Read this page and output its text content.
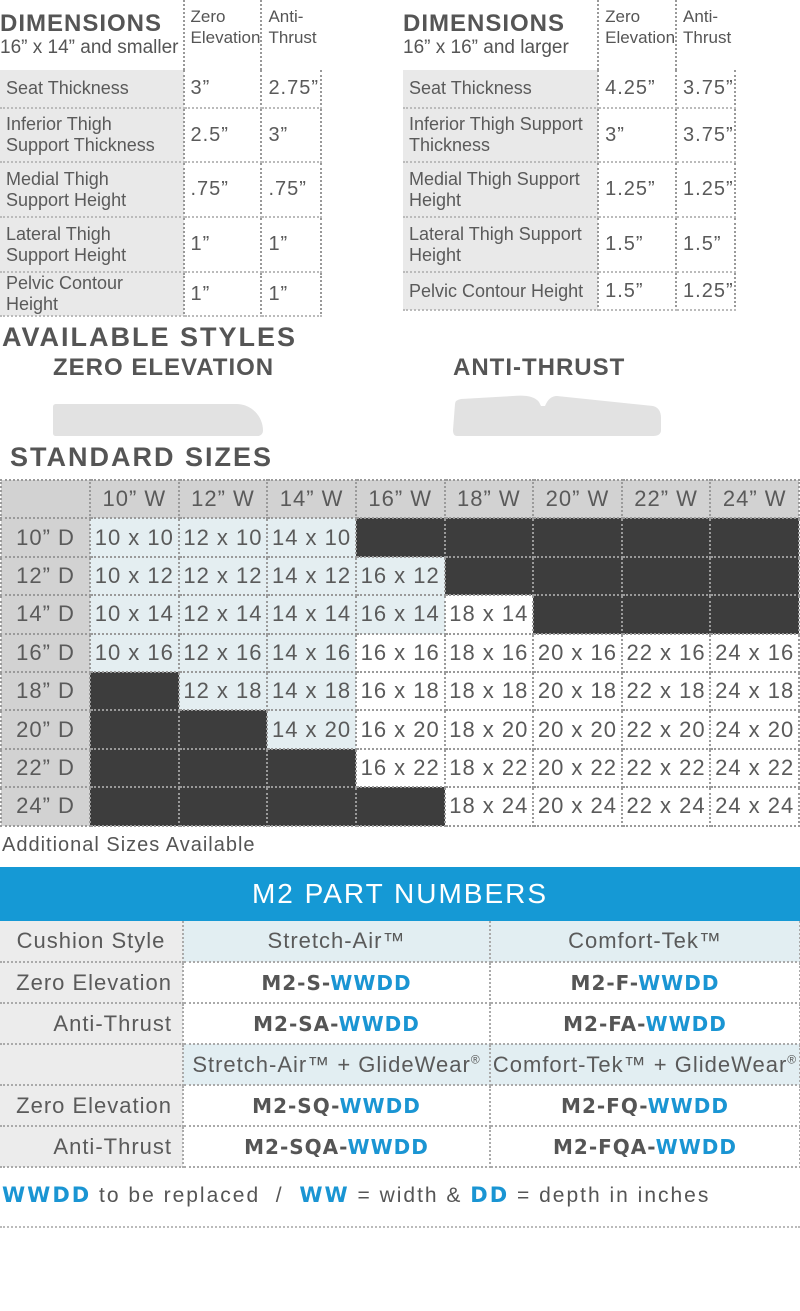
DIMENSIONS
16” x 14” and smaller	Zero
Elevation	Anti-
Thrust
Seat Thickness	3”	2.75”
Inferior Thigh Support Thickness	2.5”	3”
Medial Thigh Support Height	.75”	.75”
Lateral Thigh Support Height	1”	1”
Pelvic Contour Height	1”	1”
DIMENSIONS
16” x 16” and larger	Zero
Elevation	Anti-
Thrust
Seat Thickness	4.25”	3.75”
Inferior Thigh Support Thickness	3”	3.75”
Medial Thigh Support Height	1.25”	1.25”
Lateral Thigh Support Height	1.5”	1.5”
Pelvic Contour Height	1.5”	1.25”
AVAILABLE STYLES
ZERO ELEVATION	ANTI-THRUST
STANDARD SIZES
	10” W	12” W	14” W	16” W	18” W	20” W	22” W	24” W
10” D	10 x 10	12 x 10	14 x 10					
12” D	10 x 12	12 x 12	14 x 12	16 x 12				
14” D	10 x 14	12 x 14	14 x 14	16 x 14	18 x 14			
16” D	10 x 16	12 x 16	14 x 16	16 x 16	18 x 16	20 x 16	22 x 16	24 x 16
18” D		12 x 18	14 x 18	16 x 18	18 x 18	20 x 18	22 x 18	24 x 18
20” D			14 x 20	16 x 20	18 x 20	20 x 20	22 x 20	24 x 20
22” D				16 x 22	18 x 22	20 x 22	22 x 22	24 x 22
24” D					18 x 24	20 x 24	22 x 24	24 x 24
Additional Sizes Available
M2 PART NUMBERS
Cushion Style	Stretch-Air™	Comfort-Tek™
Zero Elevation	M2-S-WWDD	M2-F-WWDD
Anti-Thrust	M2-SA-WWDD	M2-FA-WWDD
	Stretch-Air™ + GlideWear®	Comfort-Tek™ + GlideWear®
Zero Elevation	M2-SQ-WWDD	M2-FQ-WWDD
Anti-Thrust	M2-SQA-WWDD	M2-FQA-WWDD
WWDD to be replaced  /  WW = width & DD = depth in inches
